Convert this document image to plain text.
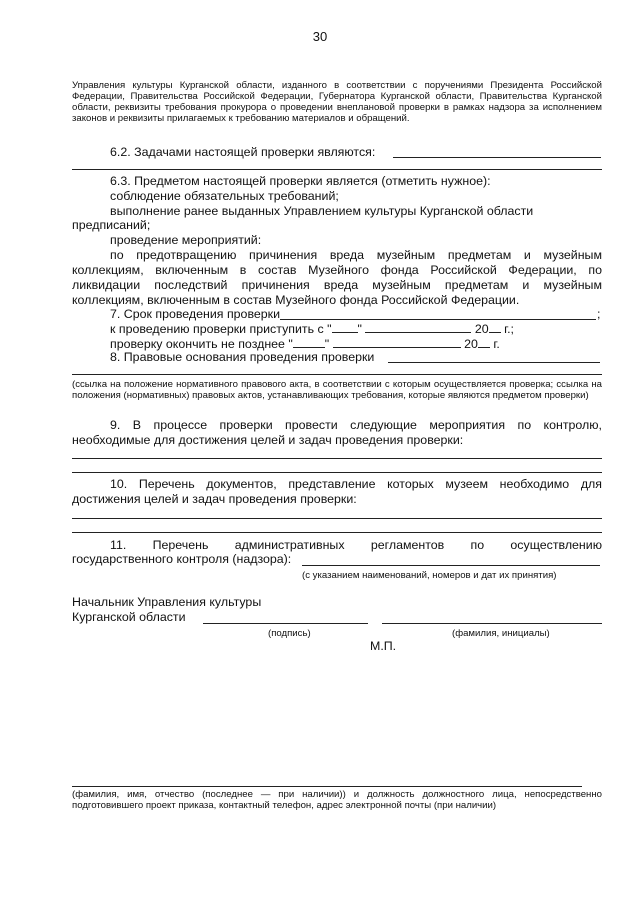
30
Управления культуры Курганской области, изданного в соответствии с поручениями Президента Российской Федерации, Правительства Российской Федерации, Губернатора Курганской области, Правительства Курганской области, реквизиты требования прокурора о проведении внеплановой проверки в рамках надзора за исполнением законов и реквизиты прилагаемых к требованию материалов и обращений.
6.2. Задачами настоящей проверки являются:
6.3. Предметом настоящей проверки является (отметить нужное):
соблюдение обязательных требований;
выполнение ранее выданных Управлением культуры Курганской области
предписаний;
проведение мероприятий:
по предотвращению причинения вреда музейным предметам и музейным коллекциям, включенным в состав Музейного фонда Российской Федерации, по ликвидации последствий причинения вреда музейным предметам и музейным коллекциям, включенным в состав Музейного фонда Российской Федерации.
7. Срок проведения проверки	;
к проведению проверки приступить с " "	20 г.;
проверку окончить не позднее "	"	20 г.
8. Правовые основания проведения проверки
(ссылка на положение нормативного правового акта, в соответствии с которым осуществляется проверка; ссылка на положения (нормативных) правовых актов, устанавливающих требования, которые являются предметом проверки)
9. В процессе проверки провести следующие мероприятия по контролю, необходимые для достижения целей и задач проведения проверки:
10. Перечень документов, представление которых музеем необходимо для достижения целей и задач проведения проверки:
11. Перечень административных регламентов по осуществлению
государственного контроля (надзора):
(с указанием наименований, номеров и дат их принятия)
Начальник Управления культуры
Курганской области
(подпись)	(фамилия, инициалы)
М.П.
(фамилия, имя, отчество (последнее — при наличии)) и должность должностного лица, непосредственно подготовившего проект приказа, контактный телефон, адрес электронной почты (при наличии)
